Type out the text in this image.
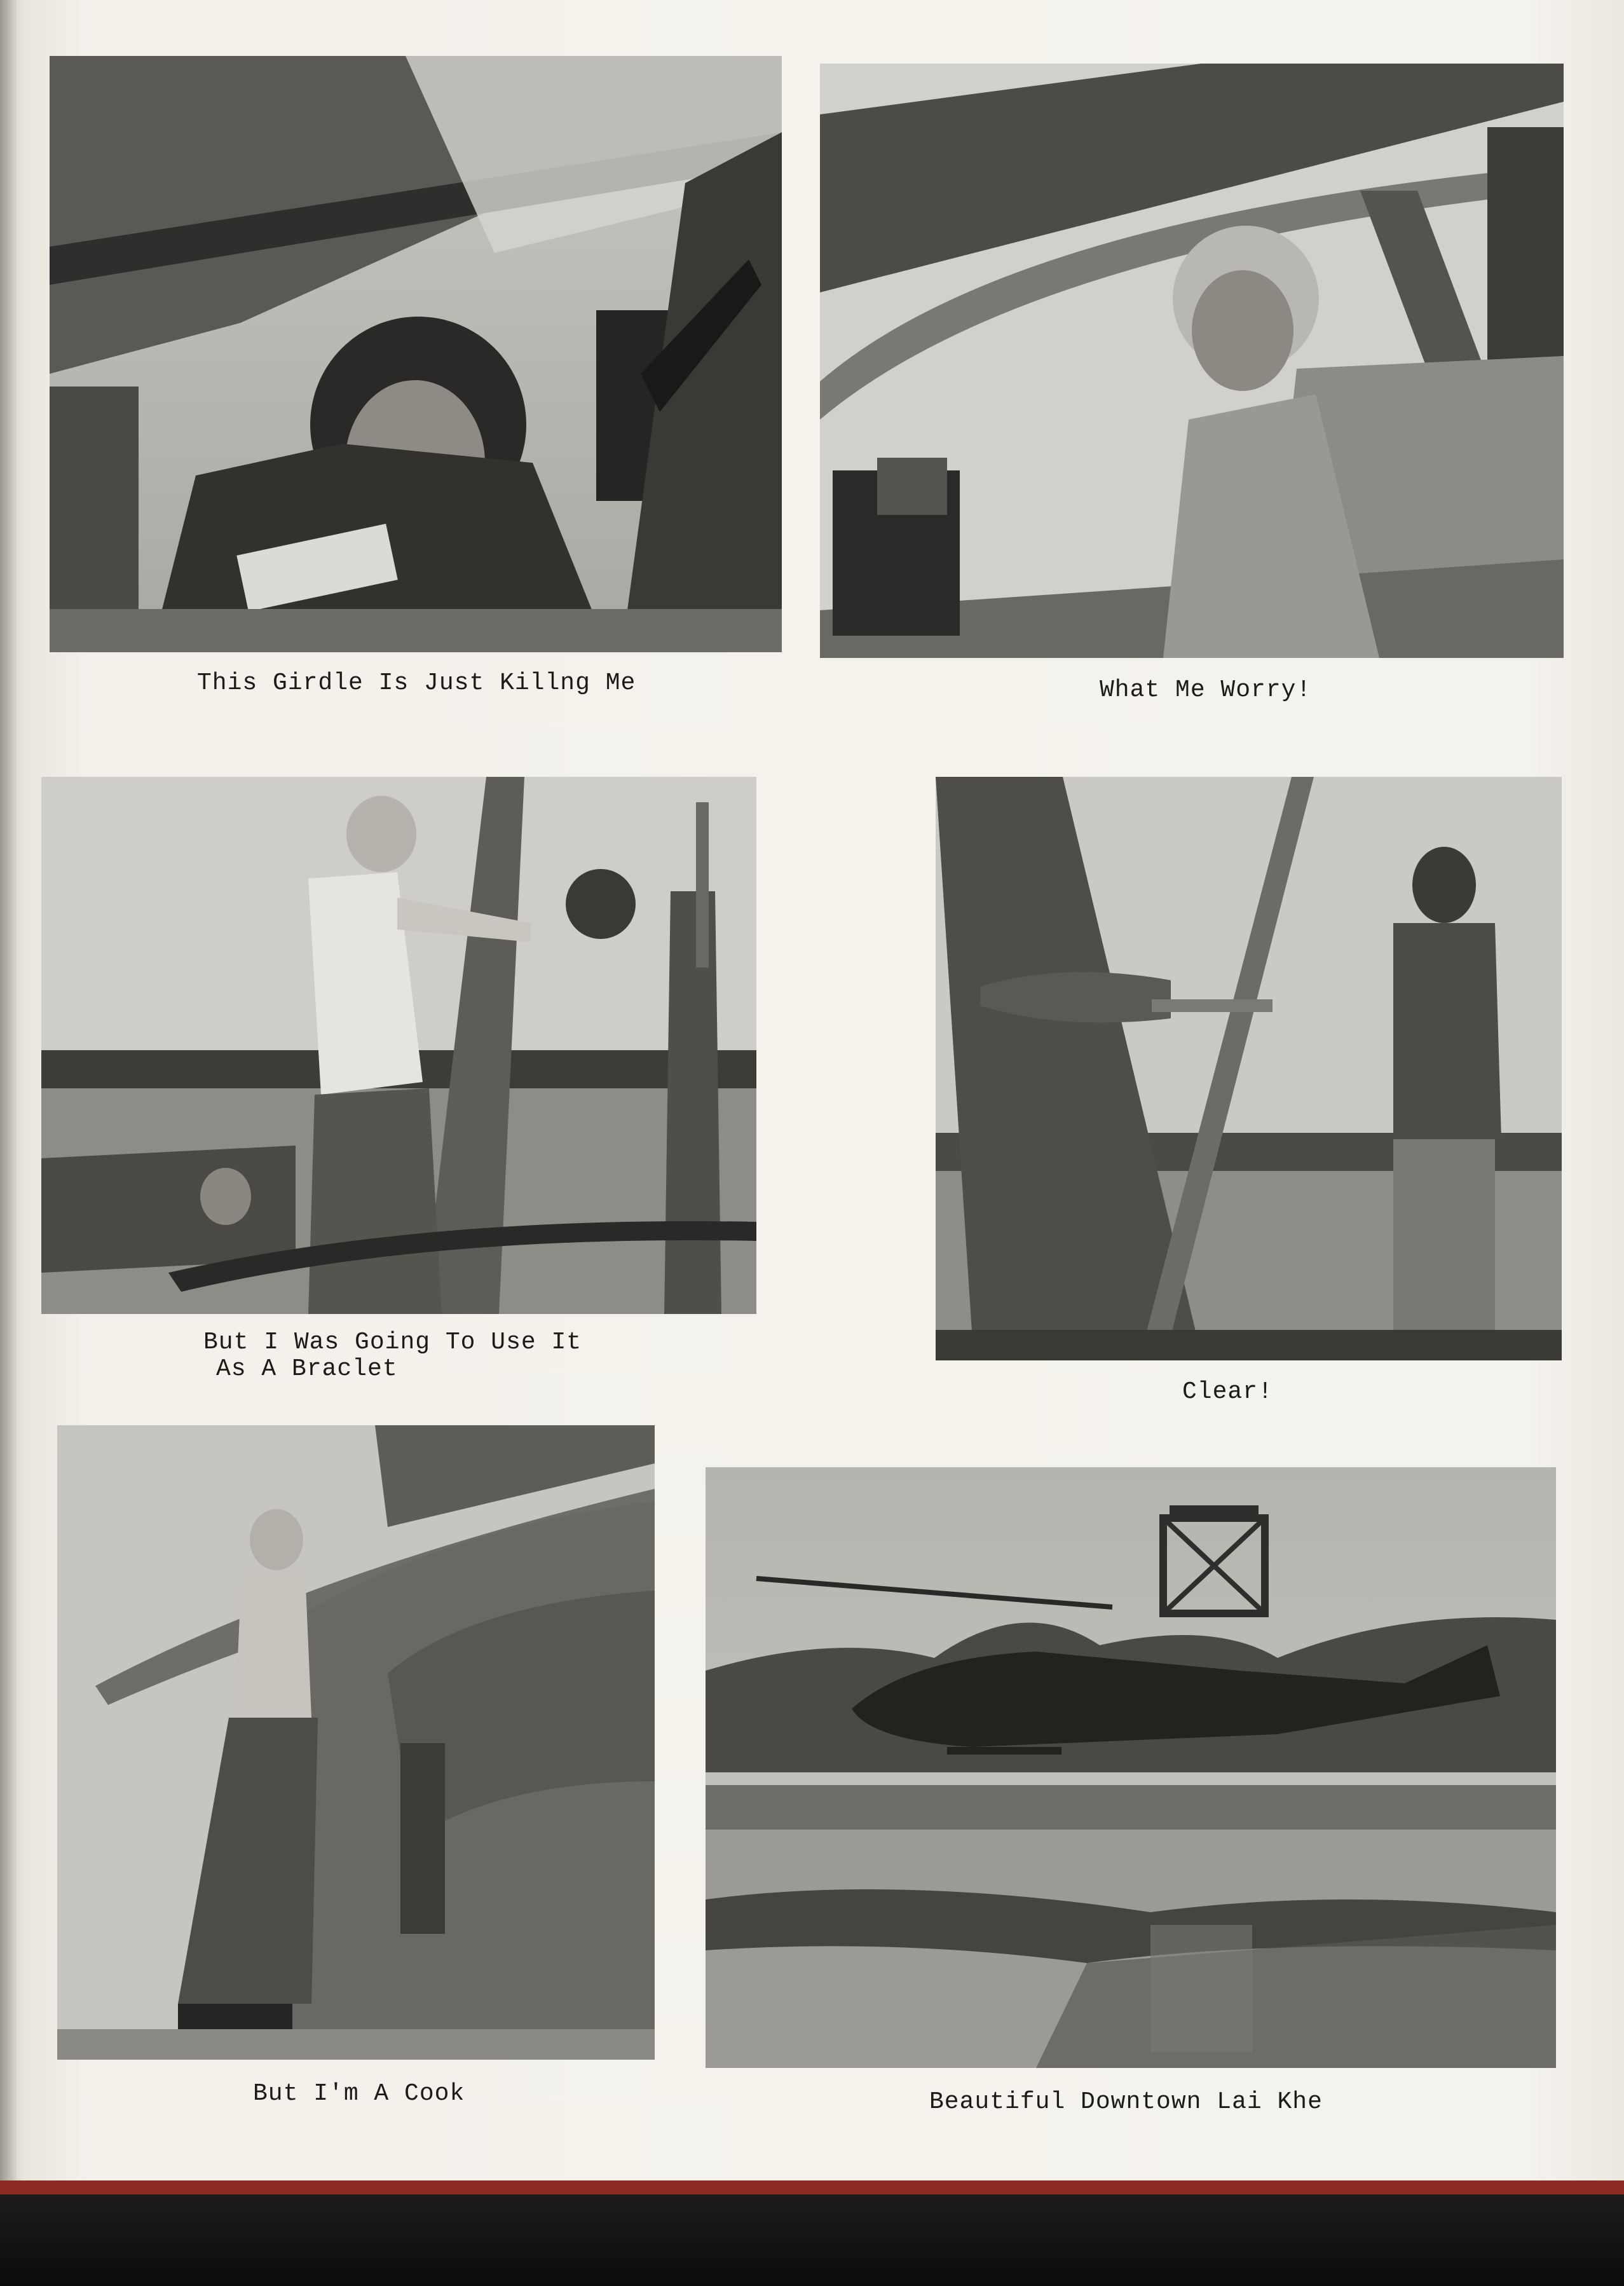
This Girdle Is Just Killng Me	What Me Worry!
But I Was Going To Use It
As A Braclet
Clear!
But I'm A Cook	Beautiful Downtown Lai Khe
